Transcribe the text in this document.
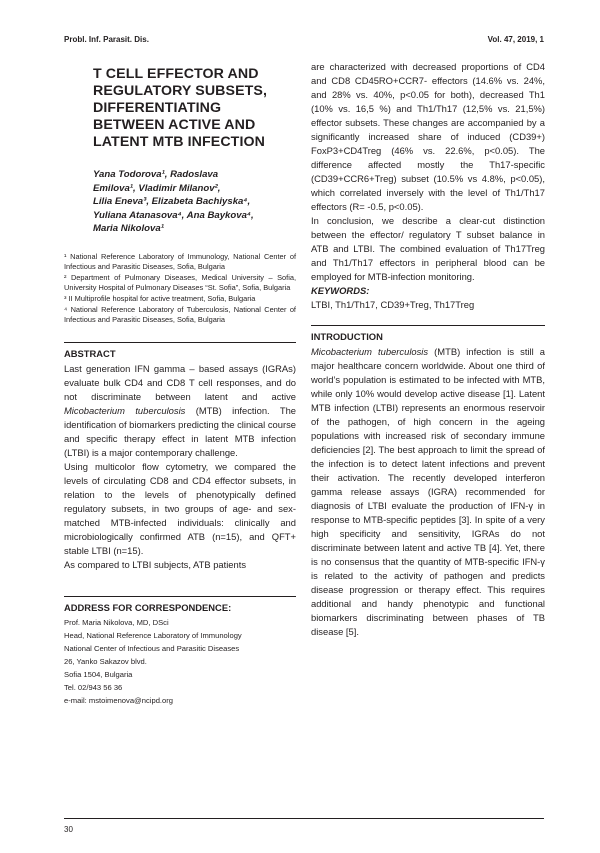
Probl. Inf. Parasit. Dis.	Vol. 47, 2019, 1
T CELL EFFECTOR AND REGULATORY SUBSETS, DIFFERENTIATING BETWEEN ACTIVE AND LATENT MTB INFECTION
Yana Todorova¹, Radoslava
Emilova¹, Vladimir Milanov²,
Lilia Eneva³, Elizabeta Bachiyska⁴,
Yuliana Atanasova⁴, Ana Baykova⁴,
Maria Nikolova¹

¹ National Reference Laboratory of Immunology, National Center of Infectious and Parasitic Diseases, Sofia, Bulgaria

² Department of Pulmonary Diseases, Medical University – Sofia, University Hospital of Pulmonary Diseases “St. Sofia”, Sofia, Bulgaria

³ II Multiprofile hospital for active treatment, Sofia, Bulgaria

⁴ National Reference Laboratory of Tuberculosis, National Center of Infectious and Parasitic Diseases, Sofia, Bulgaria

ABSTRACT

Last generation IFN gamma – based assays (IGRAs) evaluate bulk CD4 and CD8 T cell responses, and do not discriminate between latent and active Micobacterium tuberculosis (MTB) infection. The identification of biomarkers predicting the clinical course and specific therapy effect in latent MTB infection (LTBI) is a major contemporary challenge.

Using multicolor flow cytometry, we compared the levels of circulating CD8 and CD4 effector subsets, in relation to the levels of phenotypically defined regulatory subsets, in two groups of age- and sex-matched MTB-infected individuals: clinically and microbiologically confirmed ATB (n=15), and QFT+ stable LTBI (n=15).

As compared to LTBI subjects, ATB patients

ADDRESS FOR CORRESPONDENCE:

Prof. Maria Nikolova, MD, DSci

Head, National Reference Laboratory of Immunology

National Center of Infectious and Parasitic Diseases

26, Yanko Sakazov blvd.

Sofia 1504, Bulgaria

Tel. 02/943 56 36

e-mail: mstoimenova@ncipd.org

are characterized with decreased proportions of CD4 and CD8 CD45RO+CCR7- effectors (14.6% vs. 24%, and 28% vs. 40%, p<0.05 for both), decreased Th1 (10% vs. 16,5 %) and Th1/Th17 (12,5% vs. 21,5%) effector subsets. These changes are accompanied by a significantly increased share of induced (CD39+) FoxP3+CD4Treg (46% vs. 22.6%, p<0.05). The difference affected mostly the Th17-specific (CD39+CCR6+Treg) subset (10.5% vs 4.8%, p<0.05), which correlated inversely with the level of Th1/Th17 effectors (R= -0.5, p<0.05).

In conclusion, we describe a clear-cut distinction between the effector/ regulatory T subset balance in ATB and LTBI. The combined evaluation of Th17Treg and Th1/Th17 effectors in peripheral blood can be employed for MTB-infection monitoring.

KEYWORDS:

LTBI, Th1/Th17, CD39+Treg, Th17Treg

INTRODUCTION

Micobacterium tuberculosis (MTB) infection is still a major healthcare concern worldwide. About one third of world’s population is estimated to be infected with MTB, while only 10% would develop active disease [1]. Latent MTB infection (LTBI) represents an enormous reservoir of the pathogen, of high concern in the ageing populations with increased risk of secondary immune deficiencies [2]. The best approach to limit the spread of the infection is to detect latent infections and prevent their activation. The recently developed interferon gamma release assays (IGRA) recommended for diagnosis of LTBI evaluate the production of IFN-γ in response to MTB-specific peptides [3]. In spite of a very high specificity and sensitivity, IGRAs do not discriminate between latent and active TB [4]. Yet, there is no consensus that the quantity of MTB-specific IFN-γ is related to the activity of pathogen and predicts disease progression or therapy effect. This requires additional and handy phenotypic and functional biomarkers discriminating between phases of TB disease [5].

30
